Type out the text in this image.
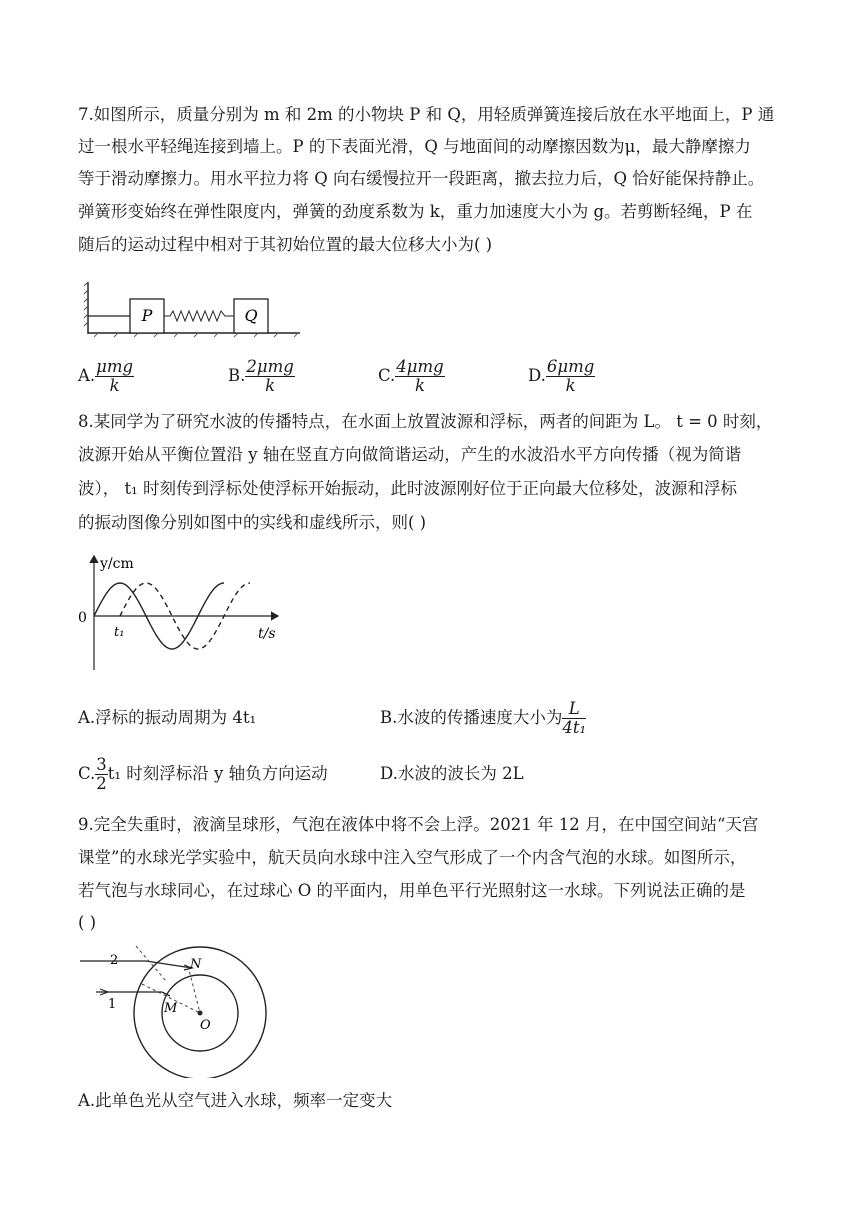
7.如图所示，质量分别为 m 和 2m 的小物块 P 和 Q，用轻质弹簧连接后放在水平地面上，P 通
过一根水平轻绳连接到墙上。P 的下表面光滑，Q 与地面间的动摩擦因数为μ，最大静摩擦力
等于滑动摩擦力。用水平拉力将 Q 向右缓慢拉开一段距离，撤去拉力后，Q 恰好能保持静止。
弹簧形变始终在弹性限度内，弹簧的劲度系数为 k，重力加速度大小为 g。若剪断轻绳，P 在
随后的运动过程中相对于其初始位置的最大位移大小为( )
P	Q
A. $\frac{\text{μmg}}{k}$	B. $\frac{\text{2μmg}}{k}$	C. $\frac{\text{4μmg}}{k}$	D. $\frac{\text{6μmg}}{k}$
8.某同学为了研究水波的传播特点，在水面上放置波源和浮标，两者的间距为 L。 t = 0 时刻，
波源开始从平衡位置沿 y 轴在竖直方向做简谐运动，产生的水波沿水平方向传播（视为简谐
波）， t₁ 时刻传到浮标处使浮标开始振动，此时波源刚好位于正向最大位移处，波源和浮标
的振动图像分别如图中的实线和虚线所示，则( )
y/cm
t/s
0
t₁
A.浮标的振动周期为 4t₁	B.水波的传播速度大小为 $\frac{L}{\text{4t₁}}$
C. $\frac{3}{2} t_1$ 时刻浮标沿 y 轴负方向运动	D.水波的波长为 2L
9.完全失重时，液滴呈球形，气泡在液体中将不会上浮。2021 年 12 月，在中国空间站“天宫
课堂”的水球光学实验中，航天员向水球中注入空气形成了一个内含气泡的水球。如图所示，
若气泡与水球同心，在过球心 O 的平面内，用单色平行光照射这一水球。下列说法正确的是
( )
2
1
N
M
O
A.此单色光从空气进入水球，频率一定变大
